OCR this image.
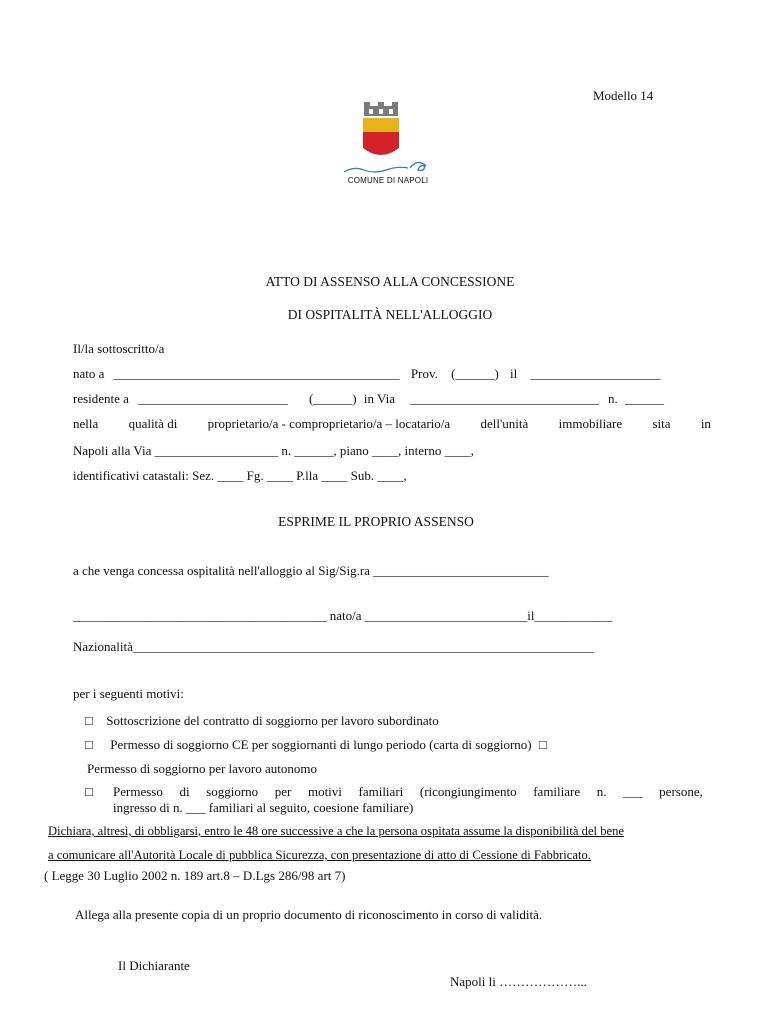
Modello 14
COMUNE DI NAPOLI
ATTO DI ASSENSO ALLA CONCESSIONE
DI OSPITALITÀ NELL'ALLOGGIO
Il/la sottoscritto/a
nato a ____________________________________________ Prov. (______) il ____________________
residente a _______________________ (______) in Via _____________________________ n. ______
nella qualità di proprietario/a - comproprietario/a – locatario/a dell'unità immobiliare sita in
Napoli alla Via ___________________ n. ______, piano ____, interno ____,
identificativi catastali: Sez. ____ Fg. ____ P.lla ____ Sub. ____,
ESPRIME IL PROPRIO ASSENSO
a che venga concessa ospitalità nell'alloggio al Sig/Sig.ra ___________________________
_______________________________________ nato/a _________________________il____________
Nazionalità_______________________________________________________________________
per i seguenti motivi:
□ Sottoscrizione del contratto di soggiorno per lavoro subordinato
□ Permesso di soggiorno CE per soggiornanti di lungo periodo (carta di soggiorno) □
Permesso di soggiorno per lavoro autonomo
□	Permesso di soggiorno per motivi familiari (ricongiungimento familiare n. ___ persone,
ingresso di n. ___ familiari al seguito, coesione familiare)
Dichiara, altresì, di obbligarsi, entro le 48 ore successive a che la persona ospitata assume la disponibilità del bene
a comunicare all'Autorità Locale di pubblica Sicurezza, con presentazione di atto di Cessione di Fabbricato.
( Legge 30 Luglio 2002 n. 189 art.8 – D.Lgs 286/98 art 7)
Allega alla presente copia di un proprio documento di riconoscimento in corso di validità.
Il Dichiarante
Napoli li ………………...
